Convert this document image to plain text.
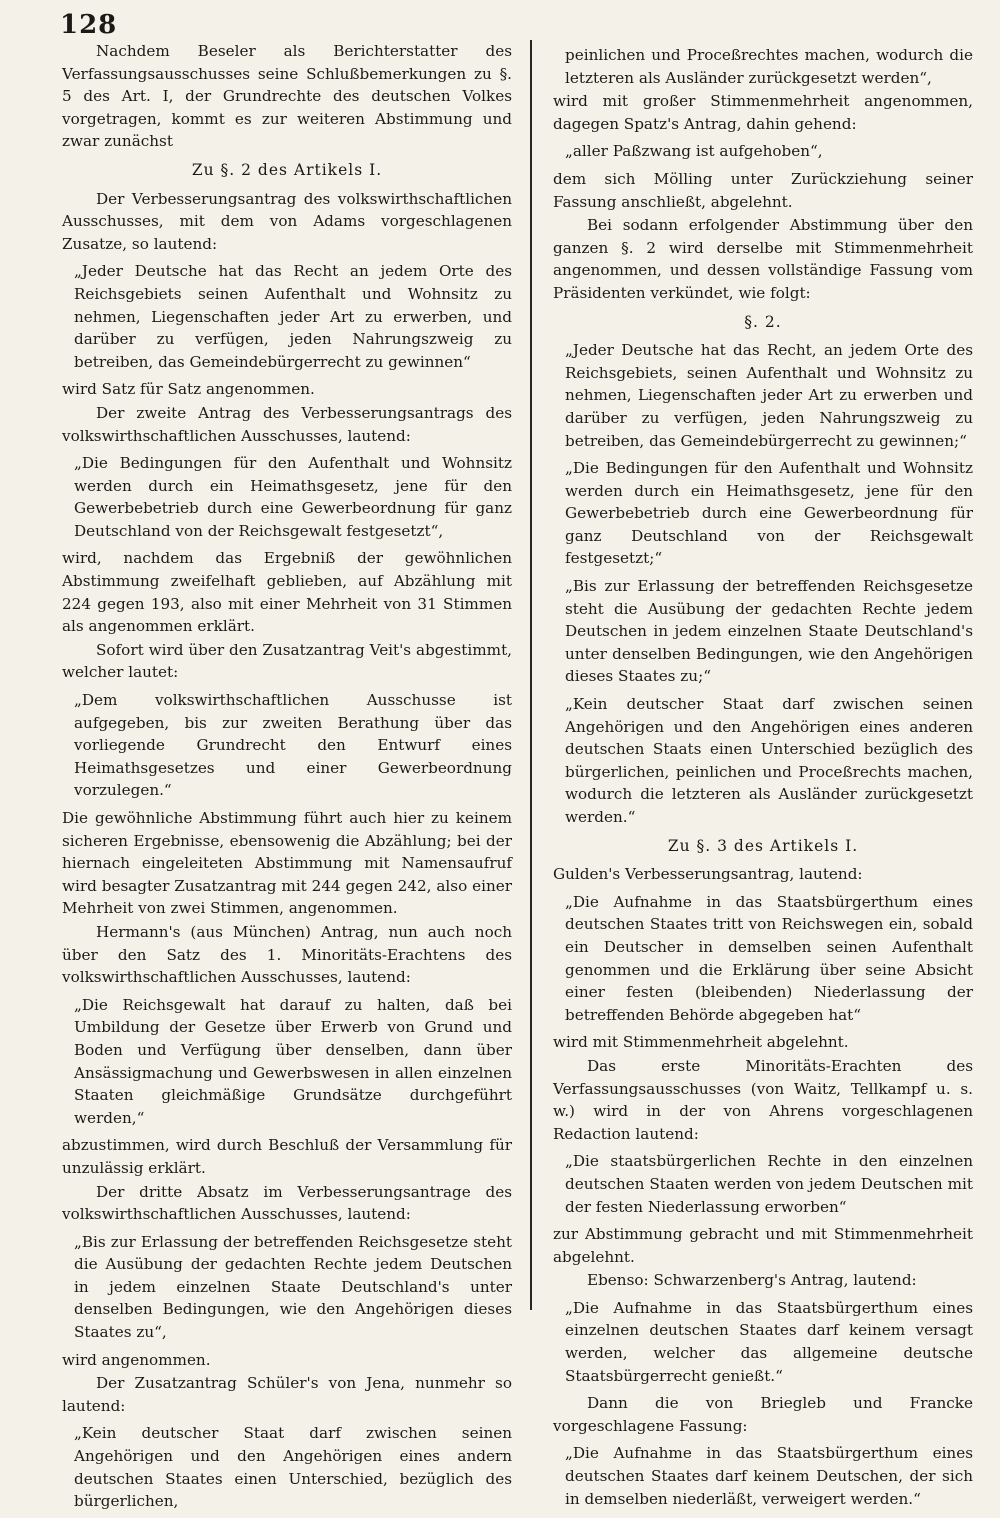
128

Nachdem Beseler als Berichterstatter des Verfassungsausschusses seine Schlußbemerkungen zu §. 5 des Art. I, der Grundrechte des deutschen Volkes vorgetragen, kommt es zur weiteren Abstimmung und zwar zunächst

Zu §. 2 des Artikels I.

Der Verbesserungsantrag des volkswirthschaftlichen Ausschusses, mit dem von Adams vorgeschlagenen Zusatze, so lautend:

„Jeder Deutsche hat das Recht an jedem Orte des Reichsgebiets seinen Aufenthalt und Wohnsitz zu nehmen, Liegenschaften jeder Art zu erwerben, und darüber zu verfügen, jeden Nahrungszweig zu betreiben, das Gemeindebürgerrecht zu gewinnen“

wird Satz für Satz angenommen.

Der zweite Antrag des Verbesserungsantrags des volkswirthschaftlichen Ausschusses, lautend:

„Die Bedingungen für den Aufenthalt und Wohnsitz werden durch ein Heimathsgesetz, jene für den Gewerbebetrieb durch eine Gewerbeordnung für ganz Deutschland von der Reichsgewalt festgesetzt“,

wird, nachdem das Ergebniß der gewöhnlichen Abstimmung zweifelhaft geblieben, auf Abzählung mit 224 gegen 193, also mit einer Mehrheit von 31 Stimmen als angenommen erklärt.

Sofort wird über den Zusatzantrag Veit's abgestimmt, welcher lautet:

„Dem volkswirthschaftlichen Ausschusse ist aufgegeben, bis zur zweiten Berathung über das vorliegende Grundrecht den Entwurf eines Heimathsgesetzes und einer Gewerbeordnung vorzulegen.“

Die gewöhnliche Abstimmung führt auch hier zu keinem sicheren Ergebnisse, ebensowenig die Abzählung; bei der hiernach eingeleiteten Abstimmung mit Namensaufruf wird besagter Zusatzantrag mit 244 gegen 242, also einer Mehrheit von zwei Stimmen, angenommen.

Hermann's (aus München) Antrag, nun auch noch über den Satz des 1. Minoritäts-Erachtens des volkswirthschaftlichen Ausschusses, lautend:

„Die Reichsgewalt hat darauf zu halten, daß bei Umbildung der Gesetze über Erwerb von Grund und Boden und Verfügung über denselben, dann über Ansässigmachung und Gewerbswesen in allen einzelnen Staaten gleichmäßige Grundsätze durchgeführt werden,“

abzustimmen, wird durch Beschluß der Versammlung für unzulässig erklärt.

Der dritte Absatz im Verbesserungsantrage des volkswirthschaftlichen Ausschusses, lautend:

„Bis zur Erlassung der betreffenden Reichsgesetze steht die Ausübung der gedachten Rechte jedem Deutschen in jedem einzelnen Staate Deutschland's unter denselben Bedingungen, wie den Angehörigen dieses Staates zu“,

wird angenommen.

Der Zusatzantrag Schüler's von Jena, nunmehr so lautend:

„Kein deutscher Staat darf zwischen seinen Angehörigen und den Angehörigen eines andern deutschen Staates einen Unterschied, bezüglich des bürgerlichen,

peinlichen und Proceßrechtes machen, wodurch die letzteren als Ausländer zurückgesetzt werden“,

wird mit großer Stimmenmehrheit angenommen, dagegen Spatz's Antrag, dahin gehend:

„aller Paßzwang ist aufgehoben“,

dem sich Mölling unter Zurückziehung seiner Fassung anschließt, abgelehnt.

Bei sodann erfolgender Abstimmung über den ganzen §. 2 wird derselbe mit Stimmenmehrheit angenommen, und dessen vollständige Fassung vom Präsidenten verkündet, wie folgt:

§. 2.

„Jeder Deutsche hat das Recht, an jedem Orte des Reichsgebiets, seinen Aufenthalt und Wohnsitz zu nehmen, Liegenschaften jeder Art zu erwerben und darüber zu verfügen, jeden Nahrungszweig zu betreiben, das Gemeindebürgerrecht zu gewinnen;“

„Die Bedingungen für den Aufenthalt und Wohnsitz werden durch ein Heimathsgesetz, jene für den Gewerbebetrieb durch eine Gewerbeordnung für ganz Deutschland von der Reichsgewalt festgesetzt;“

„Bis zur Erlassung der betreffenden Reichsgesetze steht die Ausübung der gedachten Rechte jedem Deutschen in jedem einzelnen Staate Deutschland's unter denselben Bedingungen, wie den Angehörigen dieses Staates zu;“

„Kein deutscher Staat darf zwischen seinen Angehörigen und den Angehörigen eines anderen deutschen Staats einen Unterschied bezüglich des bürgerlichen, peinlichen und Proceßrechts machen, wodurch die letzteren als Ausländer zurückgesetzt werden.“

Zu §. 3 des Artikels I.

Gulden's Verbesserungsantrag, lautend:

„Die Aufnahme in das Staatsbürgerthum eines deutschen Staates tritt von Reichswegen ein, sobald ein Deutscher in demselben seinen Aufenthalt genommen und die Erklärung über seine Absicht einer festen (bleibenden) Niederlassung der betreffenden Behörde abgegeben hat“

wird mit Stimmenmehrheit abgelehnt.

Das erste Minoritäts-Erachten des Verfassungsausschusses (von Waitz, Tellkampf u. s. w.) wird in der von Ahrens vorgeschlagenen Redaction lautend:

„Die staatsbürgerlichen Rechte in den einzelnen deutschen Staaten werden von jedem Deutschen mit der festen Niederlassung erworben“

zur Abstimmung gebracht und mit Stimmenmehrheit abgelehnt.

Ebenso: Schwarzenberg's Antrag, lautend:

„Die Aufnahme in das Staatsbürgerthum eines einzelnen deutschen Staates darf keinem versagt werden, welcher das allgemeine deutsche Staatsbürgerrecht genießt.“

Dann die von Briegleb und Francke vorgeschlagene Fassung:

„Die Aufnahme in das Staatsbürgerthum eines deutschen Staates darf keinem Deutschen, der sich in demselben niederläßt, verweigert werden.“
